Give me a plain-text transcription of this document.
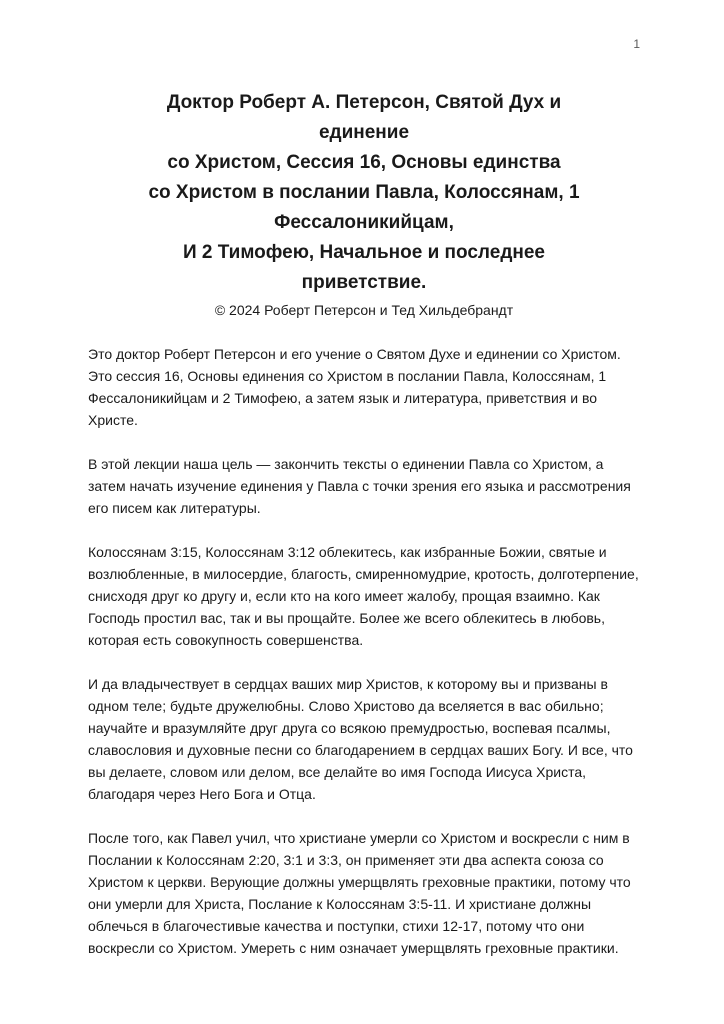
1
Доктор Роберт А. Петерсон, Святой Дух и
единение
со Христом, Сессия 16, Основы единства
со Христом в послании Павла, Колоссянам, 1
Фессалоникийцам,
И 2 Тимофею, Начальное и последнее
приветствие.
© 2024 Роберт Петерсон и Тед Хильдебрандт

Это доктор Роберт Петерсон и его учение о Святом Духе и единении со Христом. Это сессия 16, Основы единения со Христом в послании Павла, Колоссянам, 1 Фессалоникийцам и 2 Тимофею, а затем язык и литература, приветствия и во Христе.

В этой лекции наша цель — закончить тексты о единении Павла со Христом, а затем начать изучение единения у Павла с точки зрения его языка и рассмотрения его писем как литературы.

Колоссянам 3:15, Колоссянам 3:12 облекитесь, как избранные Божии, святые и возлюбленные, в милосердие, благость, смиренномудрие, кротость, долготерпение, снисходя друг ко другу и, если кто на кого имеет жалобу, прощая взаимно. Как Господь простил вас, так и вы прощайте. Более же всего облекитесь в любовь, которая есть совокупность совершенства.

И да владычествует в сердцах ваших мир Христов, к которому вы и призваны в одном теле; будьте дружелюбны. Слово Христово да вселяется в вас обильно; научайте и вразумляйте друг друга со всякою премудростью, воспевая псалмы, славословия и духовные песни со благодарением в сердцах ваших Богу. И все, что вы делаете, словом или делом, все делайте во имя Господа Иисуса Христа, благодаря через Него Бога и Отца.

После того, как Павел учил, что христиане умерли со Христом и воскресли с ним в Послании к Колоссянам 2:20, 3:1 и 3:3, он применяет эти два аспекта союза со Христом к церкви. Верующие должны умерщвлять греховные практики, потому что они умерли для Христа, Послание к Колоссянам 3:5-11. И христиане должны облечься в благочестивые качества и поступки, стихи 12-17, потому что они воскресли со Христом. Умереть с ним означает умерщвлять греховные практики.
